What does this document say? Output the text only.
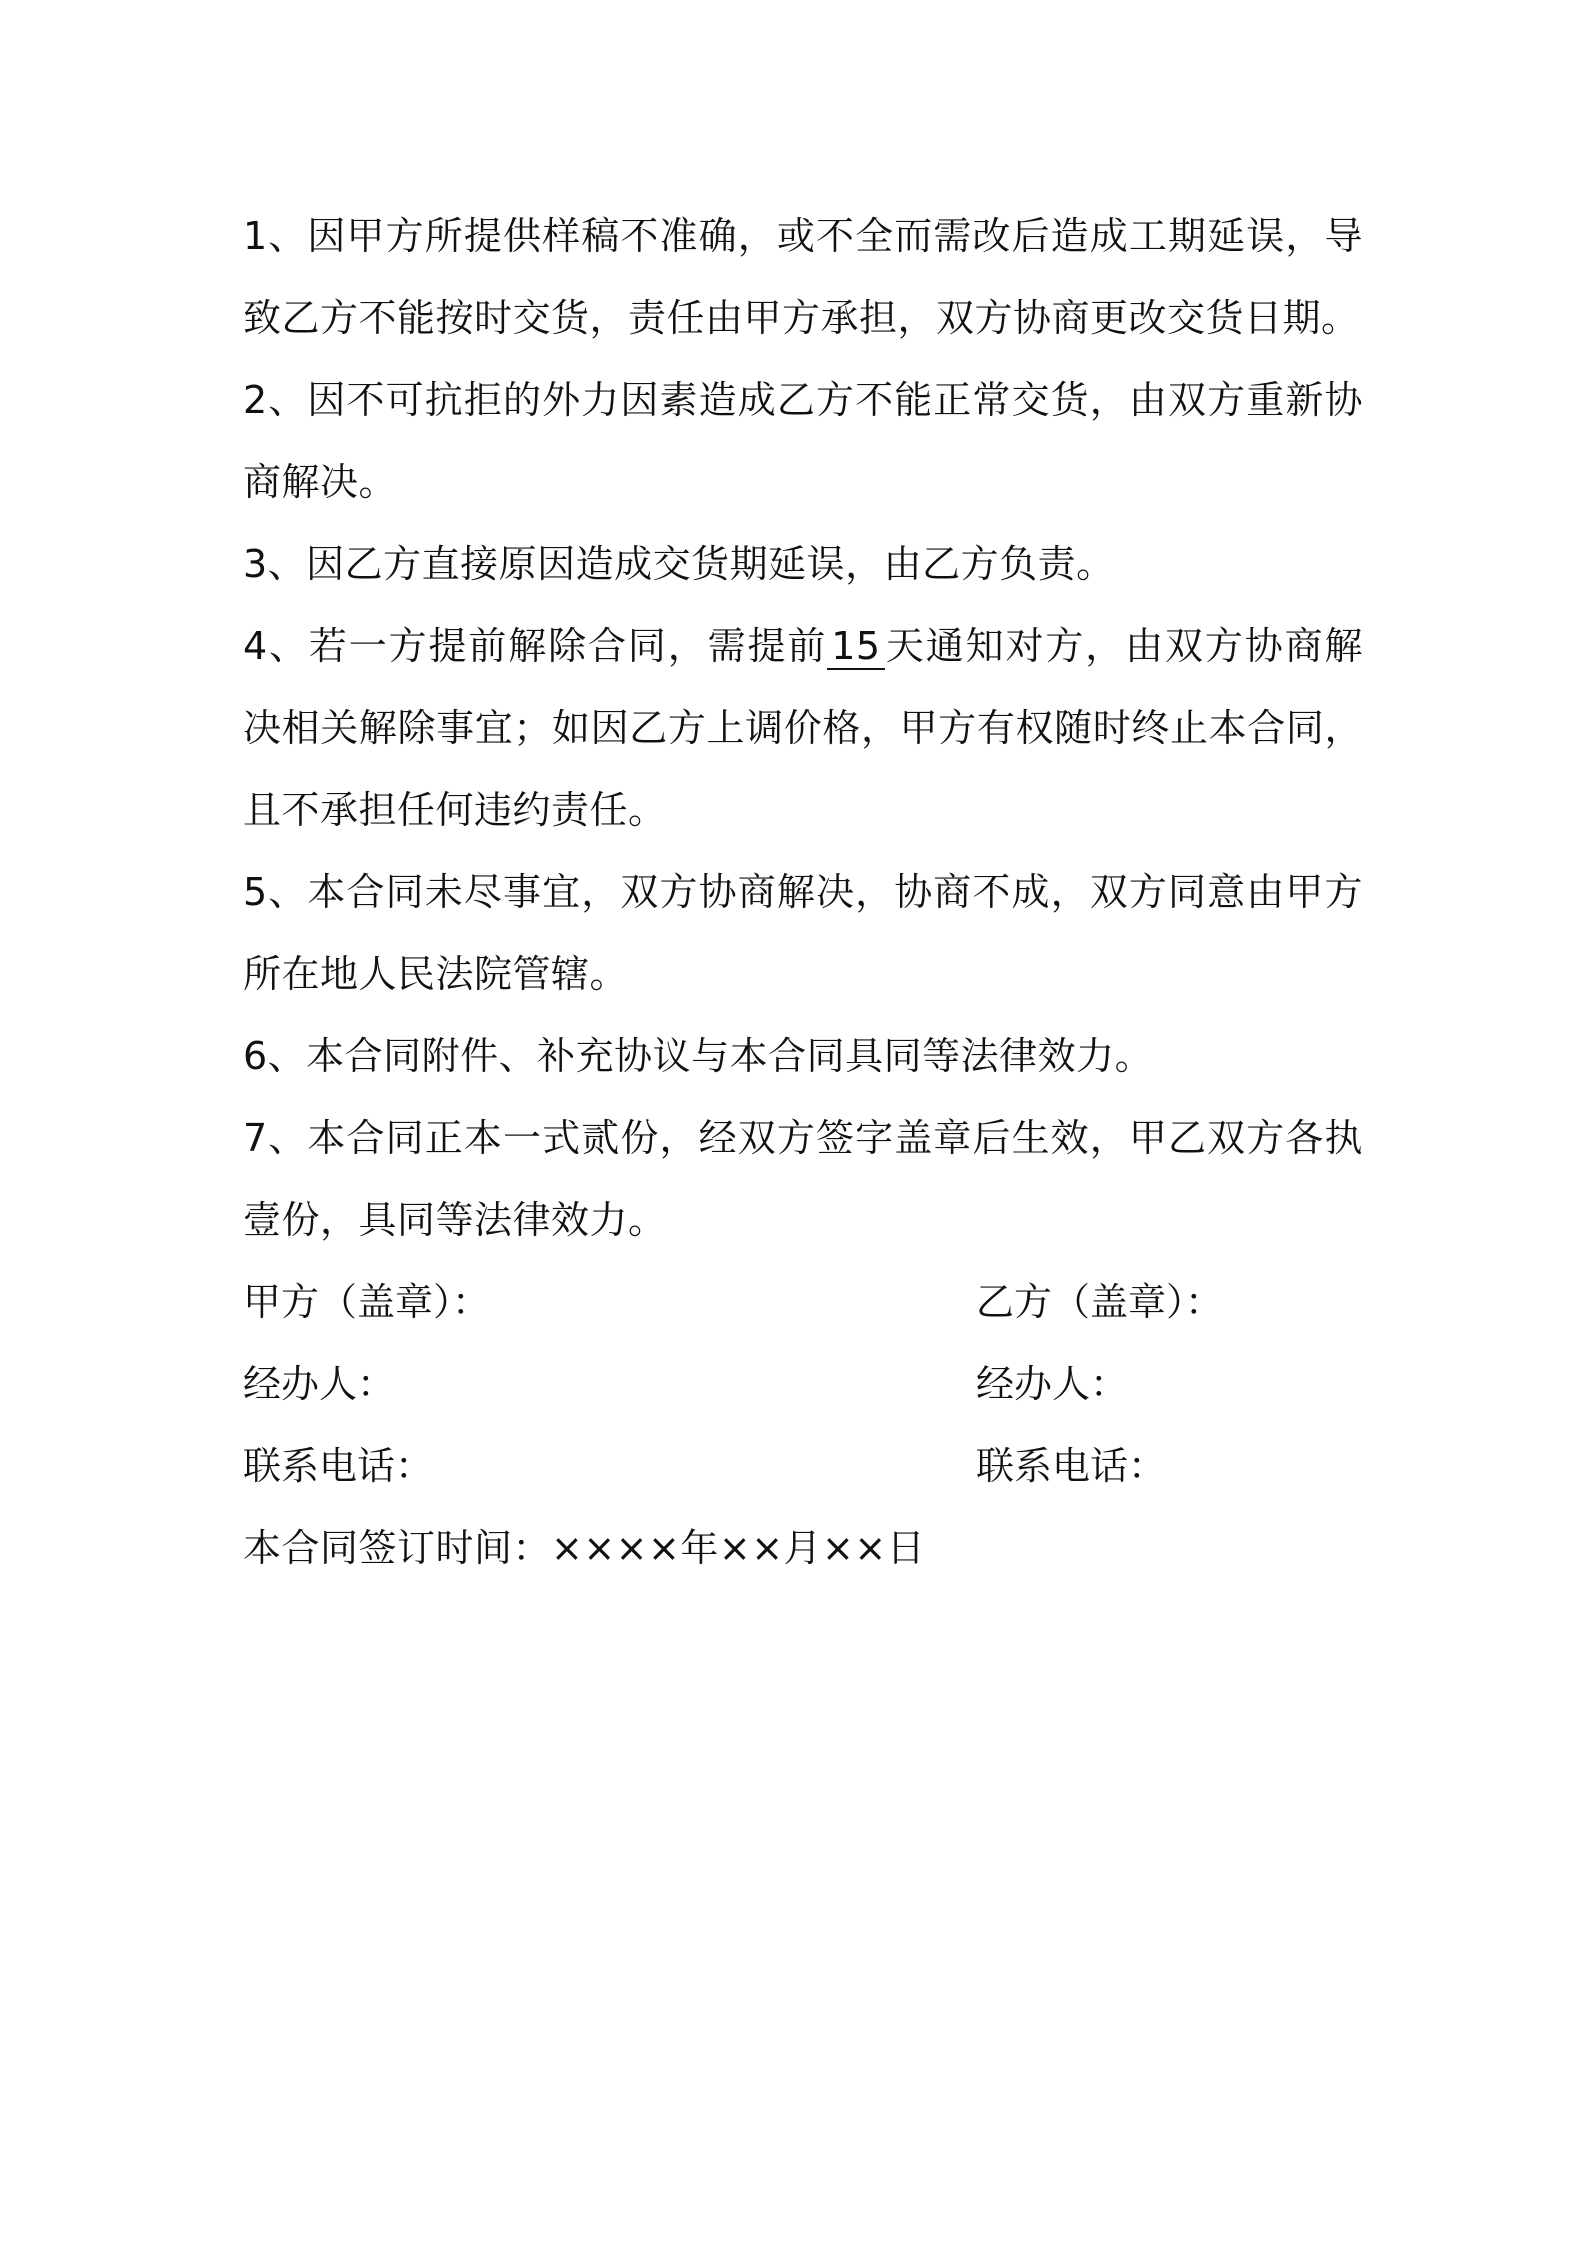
1、因甲方所提供样稿不准确，或不全而需改后造成工期延误，导致乙方不能按时交货，责任由甲方承担，双方协商更改交货日期。

2、因不可抗拒的外力因素造成乙方不能正常交货，由双方重新协商解决。

3、因乙方直接原因造成交货期延误，由乙方负责。

4、若一方提前解除合同，需提前 15 天通知对方，由双方协商解决相关解除事宜；如因乙方上调价格，甲方有权随时终止本合同，且不承担任何违约责任。

5、本合同未尽事宜，双方协商解决，协商不成，双方同意由甲方所在地人民法院管辖。

6、本合同附件、补充协议与本合同具同等法律效力。

7、本合同正本一式贰份，经双方签字盖章后生效，甲乙双方各执壹份，具同等法律效力。

甲方（盖章）：	乙方（盖章）：
经办人：	经办人：
联系电话：	联系电话：

本合同签订时间：××××年××月××日
